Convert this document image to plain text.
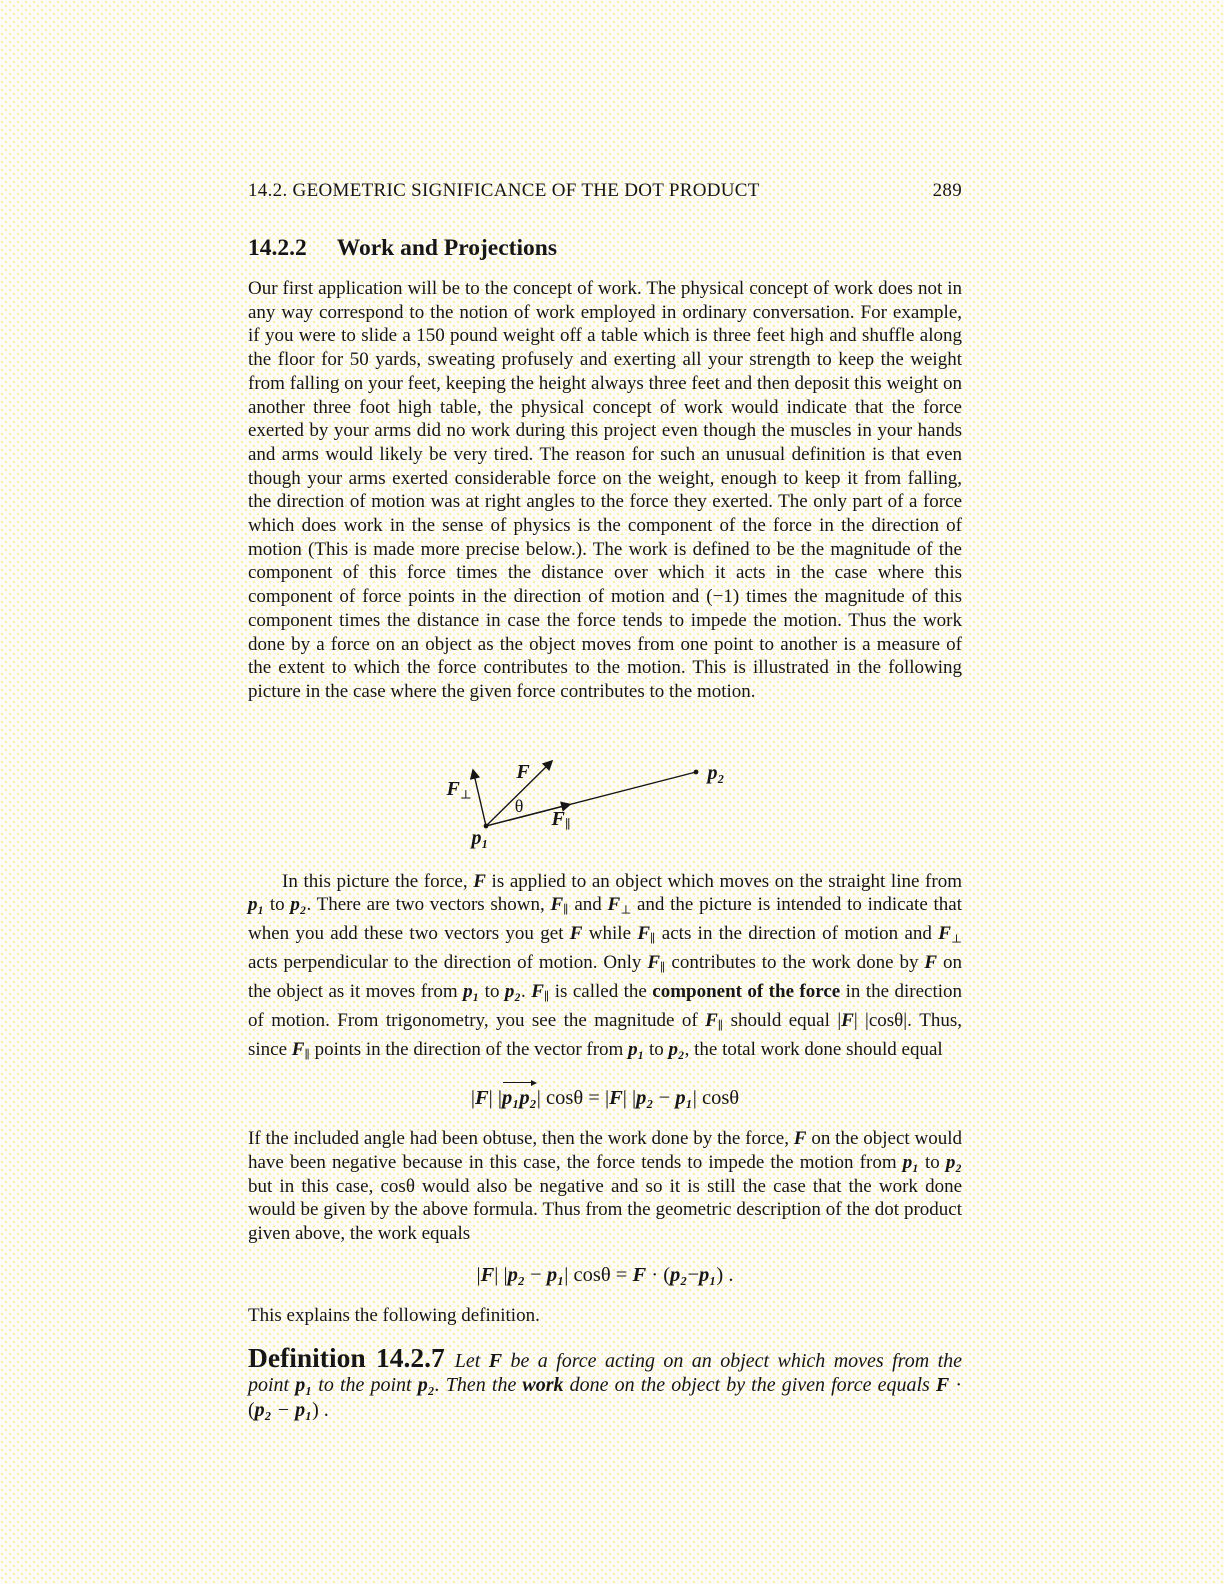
14.2. GEOMETRIC SIGNIFICANCE OF THE DOT PRODUCT	289
14.2.2 Work and Projections

Our first application will be to the concept of work. The physical concept of work does not in any way correspond to the notion of work employed in ordinary conversation. For example, if you were to slide a 150 pound weight off a table which is three feet high and shuffle along the floor for 50 yards, sweating profusely and exerting all your strength to keep the weight from falling on your feet, keeping the height always three feet and then deposit this weight on another three foot high table, the physical concept of work would indicate that the force exerted by your arms did no work during this project even though the muscles in your hands and arms would likely be very tired. The reason for such an unusual definition is that even though your arms exerted considerable force on the weight, enough to keep it from falling, the direction of motion was at right angles to the force they exerted. The only part of a force which does work in the sense of physics is the component of the force in the direction of motion (This is made more precise below.). The work is defined to be the magnitude of the component of this force times the distance over which it acts in the case where this component of force points in the direction of motion and (−1) times the magnitude of this component times the distance in case the force tends to impede the motion. Thus the work done by a force on an object as the object moves from one point to another is a measure of the extent to which the force contributes to the motion. This is illustrated in the following picture in the case where the given force contributes to the motion.

F
$F_\perp$
θ
$F_\parallel$
p₁
p₂

In this picture the force, F is applied to an object which moves on the straight line from p₁ to p₂. There are two vectors shown, $F_\parallel$ and $F_\perp$ and the picture is intended to indicate that when you add these two vectors you get F while $F_\parallel$ acts in the direction of motion and $F_\perp$ acts perpendicular to the direction of motion. Only $F_\parallel$ contributes to the work done by F on the object as it moves from p₁ to p₂. $F_\parallel$ is called the component of the force in the direction of motion. From trigonometry, you see the magnitude of $F_\parallel$ should equal |F| |cosθ|. Thus, since $F_\parallel$ points in the direction of the vector from p₁ to p₂, the total work done should equal

|F| |p₁p₂| cosθ = |F| |p₂ − p₁| cosθ

If the included angle had been obtuse, then the work done by the force, F on the object would have been negative because in this case, the force tends to impede the motion from p₁ to p₂ but in this case, cosθ would also be negative and so it is still the case that the work done would be given by the above formula. Thus from the geometric description of the dot product given above, the work equals

|F| |p₂ − p₁| cosθ = F · (p₂−p₁) .

This explains the following definition.

Definition 14.2.7 Let F be a force acting on an object which moves from the point p₁ to the point p₂. Then the work done on the object by the given force equals F · (p₂ − p₁) .
